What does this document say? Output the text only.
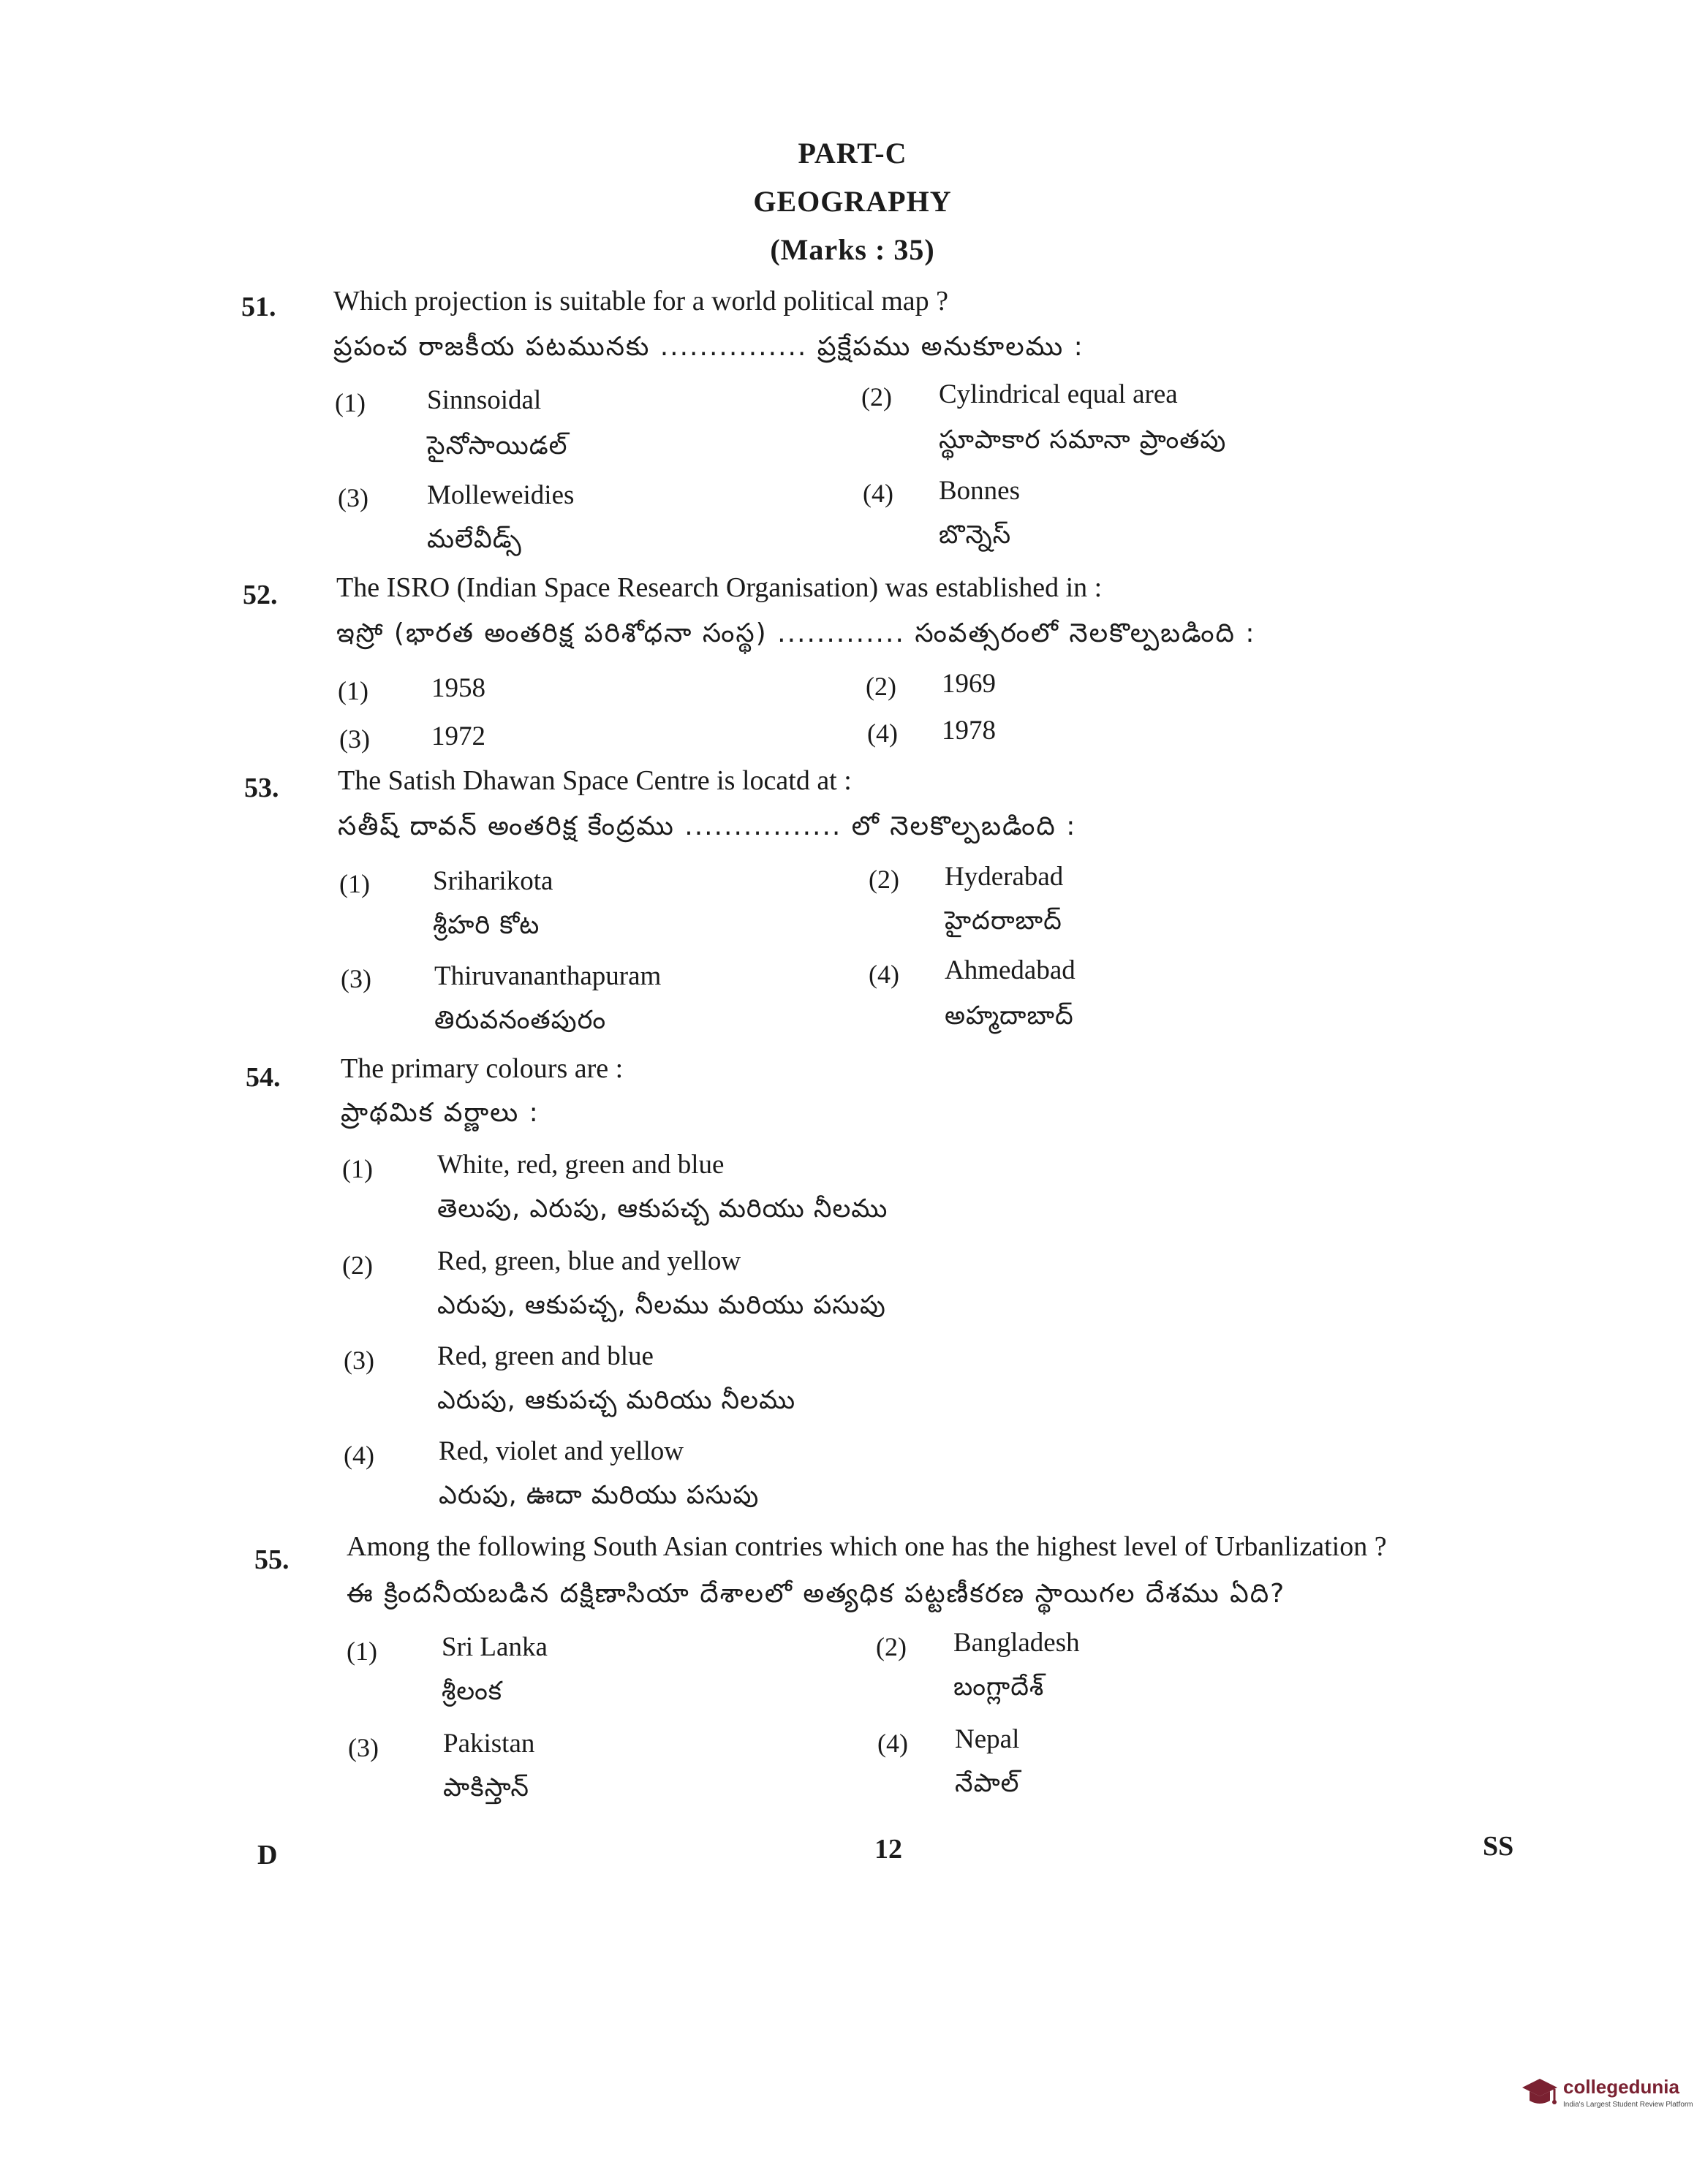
PART-C
GEOGRAPHY
(Marks : 35)
51. Which projection is suitable for a world political map ?
ప్రపంచ రాజకీయ పటమునకు ............... ప్రక్షేపము అనుకూలము :
(1) Sinnsoidal
సైనోసాయిడల్
(2) Cylindrical equal area
స్థూపాకార సమానా ప్రాంతపు
(3) Molleweidies
మలేవీడ్స్
(4) Bonnes
బొన్నెస్
52. The ISRO (Indian Space Research Organisation) was established in :
ఇస్రో (భారత అంతరిక్ష పరిశోధనా సంస్థ) ............. సంవత్సరంలో నెలకొల్పబడింది :
(1) 1958	(2) 1969
(3) 1972	(4) 1978
53. The Satish Dhawan Space Centre is locatd at :
సతీష్ దావన్ అంతరిక్ష కేంద్రము ................ లో నెలకొల్పబడింది :
(1) Sriharikota
శ్రీహరి కోట
(2) Hyderabad
హైదరాబాద్
(3) Thiruvananthapuram
తిరువనంతపురం
(4) Ahmedabad
అహ్మదాబాద్
54. The primary colours are :
ప్రాథమిక వర్ణాలు :
(1) White, red, green and blue
తెలుపు, ఎరుపు, ఆకుపచ్చ మరియు నీలము
(2) Red, green, blue and yellow
ఎరుపు, ఆకుపచ్చ, నీలము మరియు పసుపు
(3) Red, green and blue
ఎరుపు, ఆకుపచ్చ మరియు నీలము
(4) Red, violet and yellow
ఎరుపు, ఊదా మరియు పసుపు
55. Among the following South Asian contries which one has the highest level of Urbanlization ?
ఈ క్రిందనీయబడిన దక్షిణాసియా దేశాలలో అత్యధిక పట్టణీకరణ స్థాయిగల దేశము ఏది?
(1) Sri Lanka
శ్రీలంక
(2) Bangladesh
బంగ్లాదేశ్
(3) Pakistan
పాకిస్తాన్
(4) Nepal
నేపాల్
D	12	SS
collegedunia
India's Largest Student Review Platform
